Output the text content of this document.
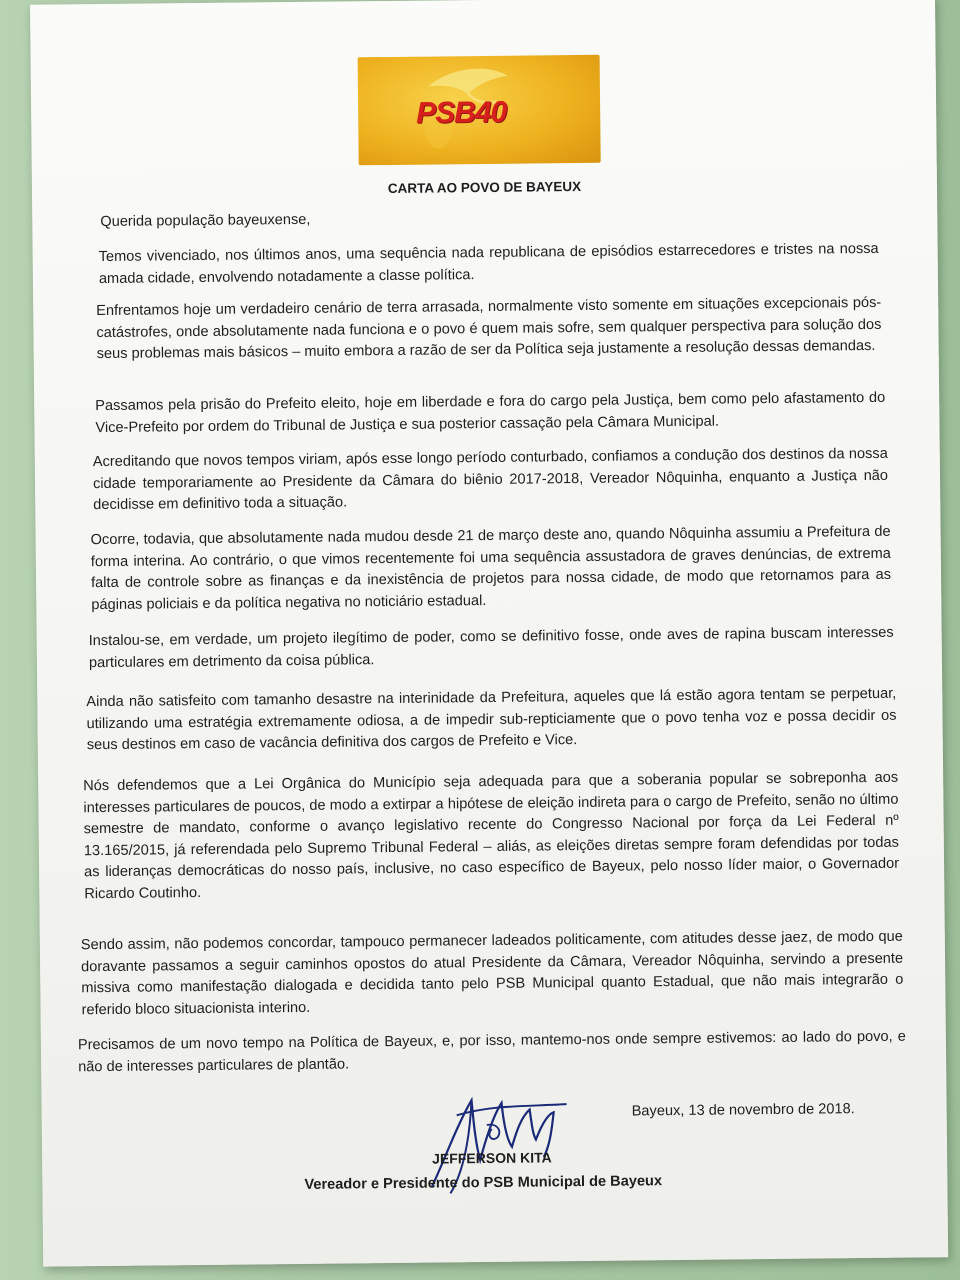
PSB40
CARTA AO POVO DE BAYEUX
Querida população bayeuxense,
Temos vivenciado, nos últimos anos, uma sequência nada republicana de episódios estarrecedores e tristes na nossa amada cidade, envolvendo notadamente a classe política.
Enfrentamos hoje um verdadeiro cenário de terra arrasada, normalmente visto somente em situações excepcionais pós-catástrofes, onde absolutamente nada funciona e o povo é quem mais sofre, sem qualquer perspectiva para solução dos seus problemas mais básicos – muito embora a razão de ser da Política seja justamente a resolução dessas demandas.
Passamos pela prisão do Prefeito eleito, hoje em liberdade e fora do cargo pela Justiça, bem como pelo afastamento do Vice-Prefeito por ordem do Tribunal de Justiça e sua posterior cassação pela Câmara Municipal.
Acreditando que novos tempos viriam, após esse longo período conturbado, confiamos a condução dos destinos da nossa cidade temporariamente ao Presidente da Câmara do biênio 2017-2018, Vereador Nôquinha, enquanto a Justiça não decidisse em definitivo toda a situação.
Ocorre, todavia, que absolutamente nada mudou desde 21 de março deste ano, quando Nôquinha assumiu a Prefeitura de forma interina. Ao contrário, o que vimos recentemente foi uma sequência assustadora de graves denúncias, de extrema falta de controle sobre as finanças e da inexistência de projetos para nossa cidade, de modo que retornamos para as páginas policiais e da política negativa no noticiário estadual.
Instalou-se, em verdade, um projeto ilegítimo de poder, como se definitivo fosse, onde aves de rapina buscam interesses particulares em detrimento da coisa pública.
Ainda não satisfeito com tamanho desastre na interinidade da Prefeitura, aqueles que lá estão agora tentam se perpetuar, utilizando uma estratégia extremamente odiosa, a de impedir sub-repticiamente que o povo tenha voz e possa decidir os seus destinos em caso de vacância definitiva dos cargos de Prefeito e Vice.
Nós defendemos que a Lei Orgânica do Município seja adequada para que a soberania popular se sobreponha aos interesses particulares de poucos, de modo a extirpar a hipótese de eleição indireta para o cargo de Prefeito, senão no último semestre de mandato, conforme o avanço legislativo recente do Congresso Nacional por força da Lei Federal nº 13.165/2015, já referendada pelo Supremo Tribunal Federal – aliás, as eleições diretas sempre foram defendidas por todas as lideranças democráticas do nosso país, inclusive, no caso específico de Bayeux, pelo nosso líder maior, o Governador Ricardo Coutinho.
Sendo assim, não podemos concordar, tampouco permanecer ladeados politicamente, com atitudes desse jaez, de modo que doravante passamos a seguir caminhos opostos do atual Presidente da Câmara, Vereador Nôquinha, servindo a presente missiva como manifestação dialogada e decidida tanto pelo PSB Municipal quanto Estadual, que não mais integrarão o referido bloco situacionista interino.
Precisamos de um novo tempo na Política de Bayeux, e, por isso, mantemo-nos onde sempre estivemos: ao lado do povo, e não de interesses particulares de plantão.
Bayeux, 13 de novembro de 2018.
JEFFERSON KITA
Vereador e Presidente do PSB Municipal de Bayeux
